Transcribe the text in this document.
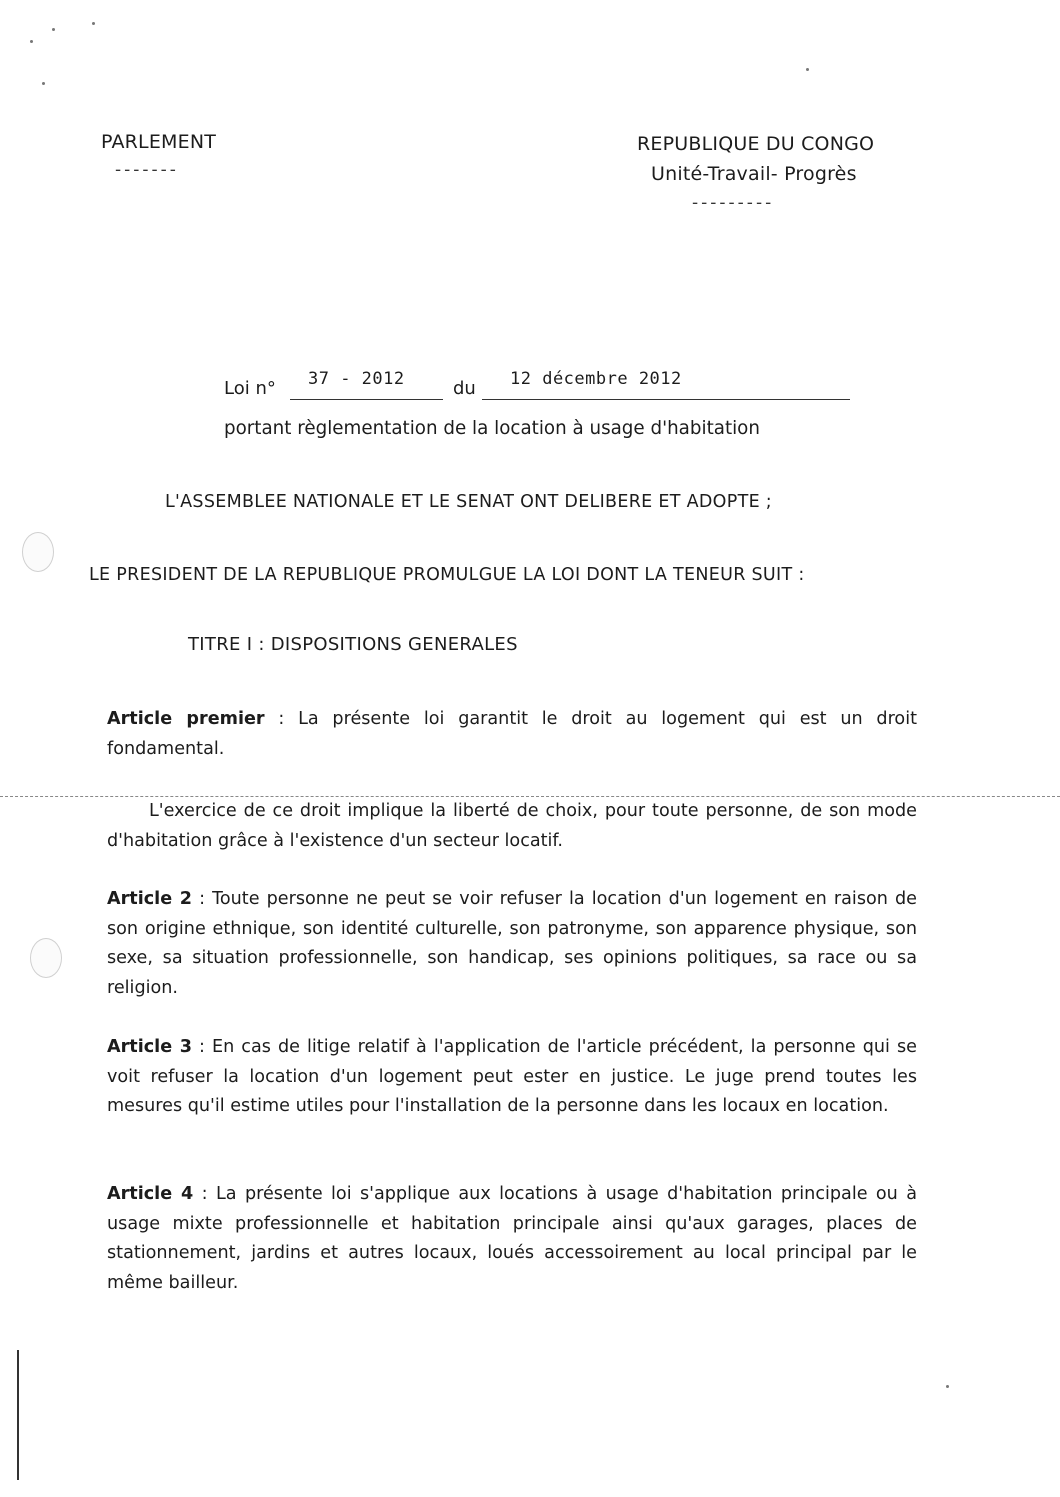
PARLEMENT
-------
REPUBLIQUE DU CONGO
Unité-Travail- Progrès
---------
Loi n° 37 - 2012	du 12 décembre 2012
portant règlementation de la location à usage d'habitation
L'ASSEMBLEE NATIONALE ET LE SENAT ONT DELIBERE ET ADOPTE ;
LE PRESIDENT DE LA REPUBLIQUE PROMULGUE LA LOI DONT LA TENEUR SUIT :
TITRE I : DISPOSITIONS GENERALES
Article premier : La présente loi garantit le droit au logement qui est un droit fondamental.
L'exercice de ce droit implique la liberté de choix, pour toute personne, de son mode d'habitation grâce à l'existence d'un secteur locatif.
Article 2 : Toute personne ne peut se voir refuser la location d'un logement en raison de son origine ethnique, son identité culturelle, son patronyme, son apparence physique, son sexe, sa situation professionnelle, son handicap, ses opinions politiques, sa race ou sa religion.
Article 3 : En cas de litige relatif à l'application de l'article précédent, la personne qui se voit refuser la location d'un logement peut ester en justice. Le juge prend toutes les mesures qu'il estime utiles pour l'installation de la personne dans les locaux en location.
Article 4 : La présente loi s'applique aux locations à usage d'habitation principale ou à usage mixte professionnelle et habitation principale ainsi qu'aux garages, places de stationnement, jardins et autres locaux, loués accessoirement au local principal par le même bailleur.
